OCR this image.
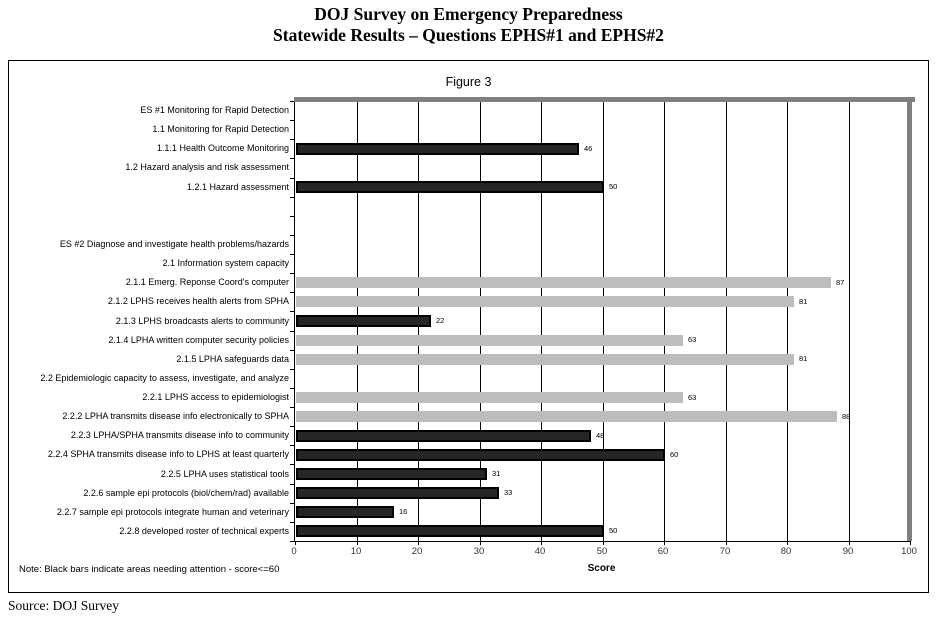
DOJ Survey on Emergency Preparedness
Statewide Results – Questions EPHS#1 and EPHS#2
Figure 3
46
50
87
81
22
63
81
63
88
48
60
31
33
16
50
ES #1 Monitoring for Rapid Detection
1.1 Monitoring for Rapid Detection
1.1.1 Health Outcome Monitoring
1.2 Hazard analysis and risk assessment
1.2.1 Hazard assessment
ES #2 Diagnose and investigate health problems/hazards
2.1 Information system capacity
2.1.1 Emerg. Reponse Coord's computer
2.1.2 LPHS receives health alerts from SPHA
2.1.3 LPHS broadcasts alerts to community
2.1.4 LPHA written computer security policies
2.1.5 LPHA safeguards data
2.2 Epidemiologic capacity to assess, investigate, and analyze
2.2.1 LPHS access to epidemiologist
2.2.2 LPHA transmits disease info electronically to SPHA
2.2.3 LPHA/SPHA transmits disease info to community
2.2.4 SPHA transmits disease info to LPHS at least quarterly
2.2.5 LPHA uses statistical tools
2.2.6 sample epi protocols (biol/chem/rad) available
2.2.7 sample epi protocols integrate human and veterinary
2.2.8 developed roster of technical experts
0	10	20	30	40	50	60	70	80	90	100
Score
Note: Black bars indicate areas needing attention - score<=60
Source: DOJ Survey
